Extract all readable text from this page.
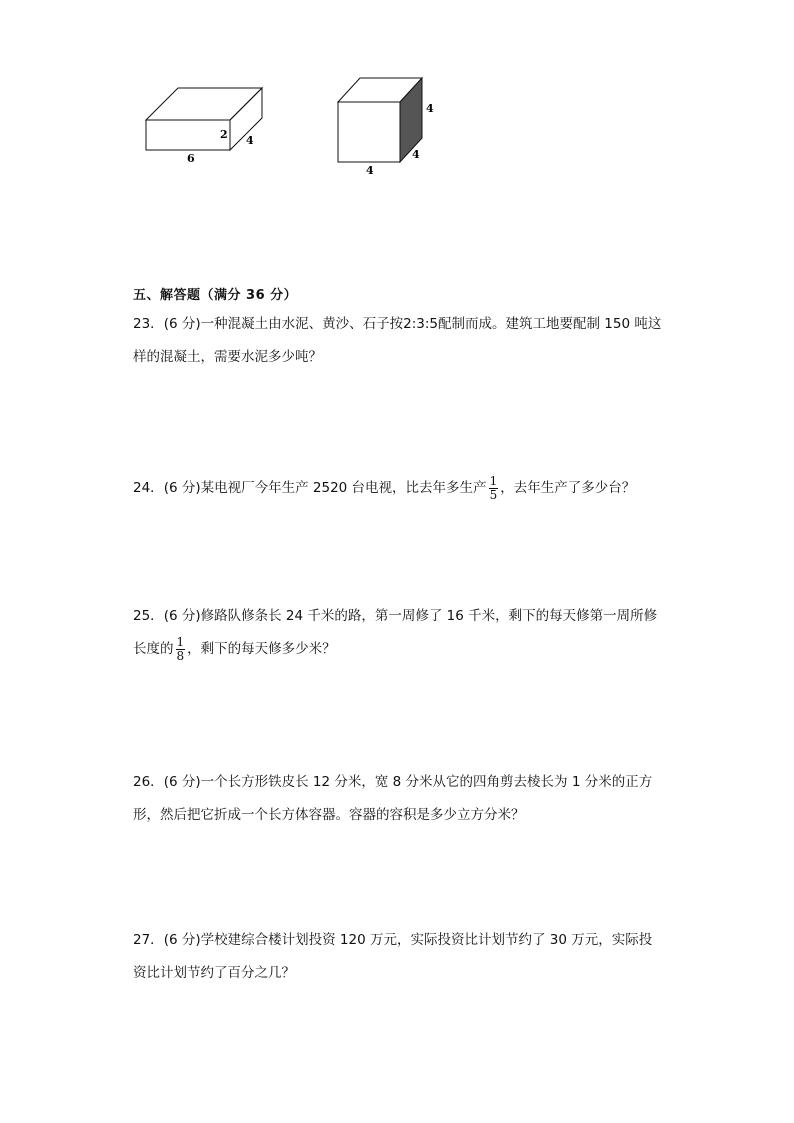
2 4
6
4
4
4
五、解答题（满分 36 分）
23．(6 分)一种混凝土由水泥、黄沙、石子按2:3:5配制而成。建筑工地要配制 150 吨这样的混凝土，需要水泥多少吨？
24．(6 分)某电视厂今年生产 2520 台电视，比去年多生产 $\frac{1}{5}$ ，去年生产了多少台？
25．(6 分)修路队修条长 24 千米的路，第一周修了 16 千米，剩下的每天修第一周所修长度的 $\frac{1}{8}$ ，剩下的每天修多少米？
26．(6 分)一个长方形铁皮长 12 分米，宽 8 分米从它的四角剪去棱长为 1 分米的正方形，然后把它折成一个长方体容器。容器的容积是多少立方分米？
27．(6 分)学校建综合楼计划投资 120 万元，实际投资比计划节约了 30 万元，实际投资比计划节约了百分之几？
